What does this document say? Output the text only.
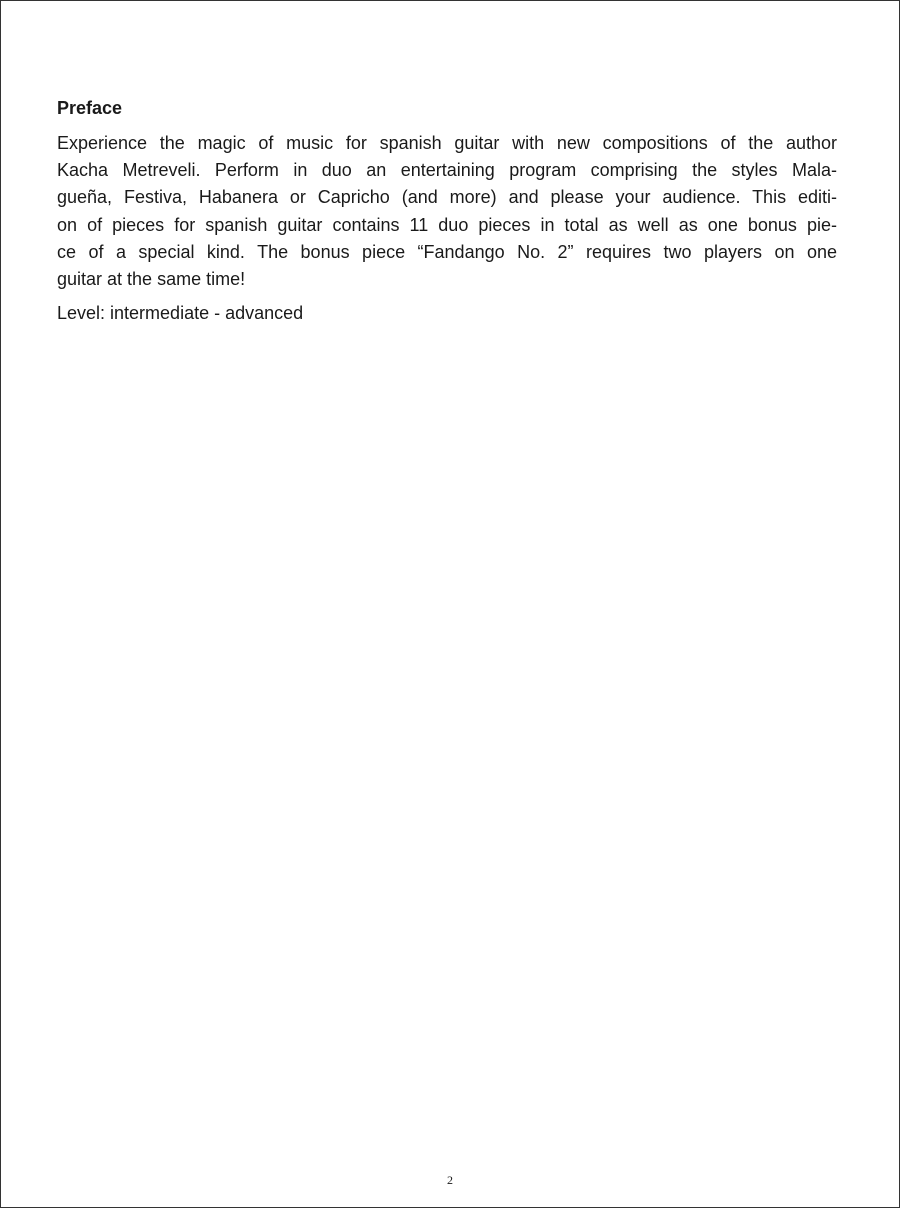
Preface

Experience the magic of music for spanish guitar with new compositions of the author
Kacha Metreveli. Perform in duo an entertaining program comprising the styles Mala-
gueña, Festiva, Habanera or Capricho (and more) and please your audience. This editi-
on of pieces for spanish guitar contains 11 duo pieces in total as well as one bonus pie-
ce of a special kind. The bonus piece “Fandango No. 2” requires two players on one
guitar at the same time!

Level: intermediate - advanced
2
